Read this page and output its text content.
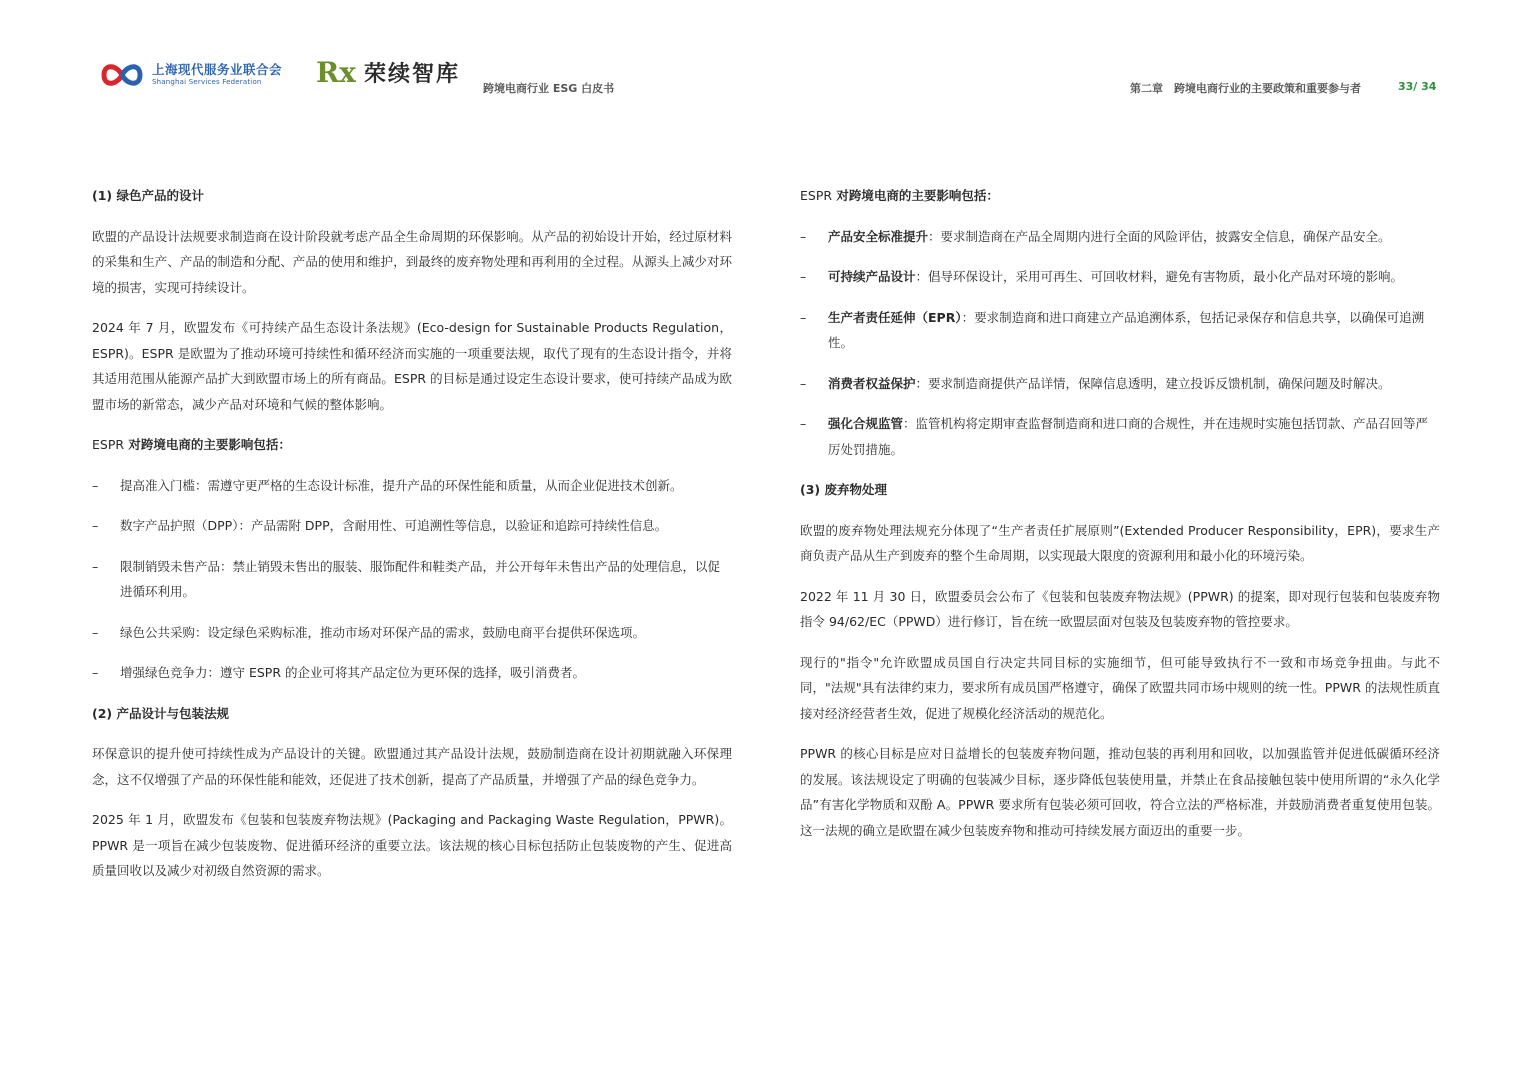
上海现代服务业联合会
Shanghai Services Federation	Rx 荣续智库
跨境电商行业 ESG 白皮书	第二章　跨境电商行业的主要政策和重要参与者	33/ 34
(1) 绿色产品的设计

欧盟的产品设计法规要求制造商在设计阶段就考虑产品全生命周期的环保影响。从产品的初始设计开始，经过原材料的采集和生产、产品的制造和分配、产品的使用和维护，到最终的废弃物处理和再利用的全过程。从源头上减少对环境的损害，实现可持续设计。

2024 年 7 月，欧盟发布《可持续产品生态设计条法规》(Eco-design for Sustainable Products Regulation，ESPR)。ESPR 是欧盟为了推动环境可持续性和循环经济而实施的一项重要法规，取代了现有的生态设计指令，并将其适用范围从能源产品扩大到欧盟市场上的所有商品。ESPR 的目标是通过设定生态设计要求，使可持续产品成为欧盟市场的新常态，减少产品对环境和气候的整体影响。

ESPR 对跨境电商的主要影响包括：
– 提高准入门槛：需遵守更严格的生态设计标准，提升产品的环保性能和质量，从而企业促进技术创新。
– 数字产品护照（DPP）：产品需附 DPP，含耐用性、可追溯性等信息，以验证和追踪可持续性信息。
– 限制销毁未售产品：禁止销毁未售出的服装、服饰配件和鞋类产品，并公开每年未售出产品的处理信息，以促进循环利用。
– 绿色公共采购：设定绿色采购标准，推动市场对环保产品的需求，鼓励电商平台提供环保选项。
– 增强绿色竞争力：遵守 ESPR 的企业可将其产品定位为更环保的选择，吸引消费者。
(2) 产品设计与包装法规

环保意识的提升使可持续性成为产品设计的关键。欧盟通过其产品设计法规，鼓励制造商在设计初期就融入环保理念，这不仅增强了产品的环保性能和能效，还促进了技术创新，提高了产品质量，并增强了产品的绿色竞争力。

2025 年 1 月，欧盟发布《包装和包装废弃物法规》(Packaging and Packaging Waste Regulation，PPWR)。PPWR 是一项旨在减少包装废物、促进循环经济的重要立法。该法规的核心目标包括防止包装废物的产生、促进高质量回收以及减少对初级自然资源的需求。

ESPR 对跨境电商的主要影响包括：
– 产品安全标准提升：要求制造商在产品全周期内进行全面的风险评估，披露安全信息，确保产品安全。
– 可持续产品设计：倡导环保设计，采用可再生、可回收材料，避免有害物质，最小化产品对环境的影响。
– 生产者责任延伸（EPR）：要求制造商和进口商建立产品追溯体系，包括记录保存和信息共享，以确保可追溯性。
– 消费者权益保护：要求制造商提供产品详情，保障信息透明，建立投诉反馈机制，确保问题及时解决。
– 强化合规监管：监管机构将定期审查监督制造商和进口商的合规性，并在违规时实施包括罚款、产品召回等严厉处罚措施。
(3) 废弃物处理

欧盟的废弃物处理法规充分体现了“生产者责任扩展原则”(Extended Producer Responsibility，EPR)，要求生产商负责产品从生产到废弃的整个生命周期，以实现最大限度的资源利用和最小化的环境污染。

2022 年 11 月 30 日，欧盟委员会公布了《包装和包装废弃物法规》(PPWR) 的提案，即对现行包装和包装废弃物指令 94/62/EC（PPWD）进行修订，旨在统一欧盟层面对包装及包装废弃物的管控要求。

现行的"指令"允许欧盟成员国自行决定共同目标的实施细节，但可能导致执行不一致和市场竞争扭曲。与此不同，"法规"具有法律约束力，要求所有成员国严格遵守，确保了欧盟共同市场中规则的统一性。PPWR 的法规性质直接对经济经营者生效，促进了规模化经济活动的规范化。

PPWR 的核心目标是应对日益增长的包装废弃物问题，推动包装的再利用和回收，以加强监管并促进低碳循环经济的发展。该法规设定了明确的包装减少目标，逐步降低包装使用量，并禁止在食品接触包装中使用所谓的“永久化学品”有害化学物质和双酚 A。PPWR 要求所有包装必须可回收，符合立法的严格标准，并鼓励消费者重复使用包装。这一法规的确立是欧盟在减少包装废弃物和推动可持续发展方面迈出的重要一步。
